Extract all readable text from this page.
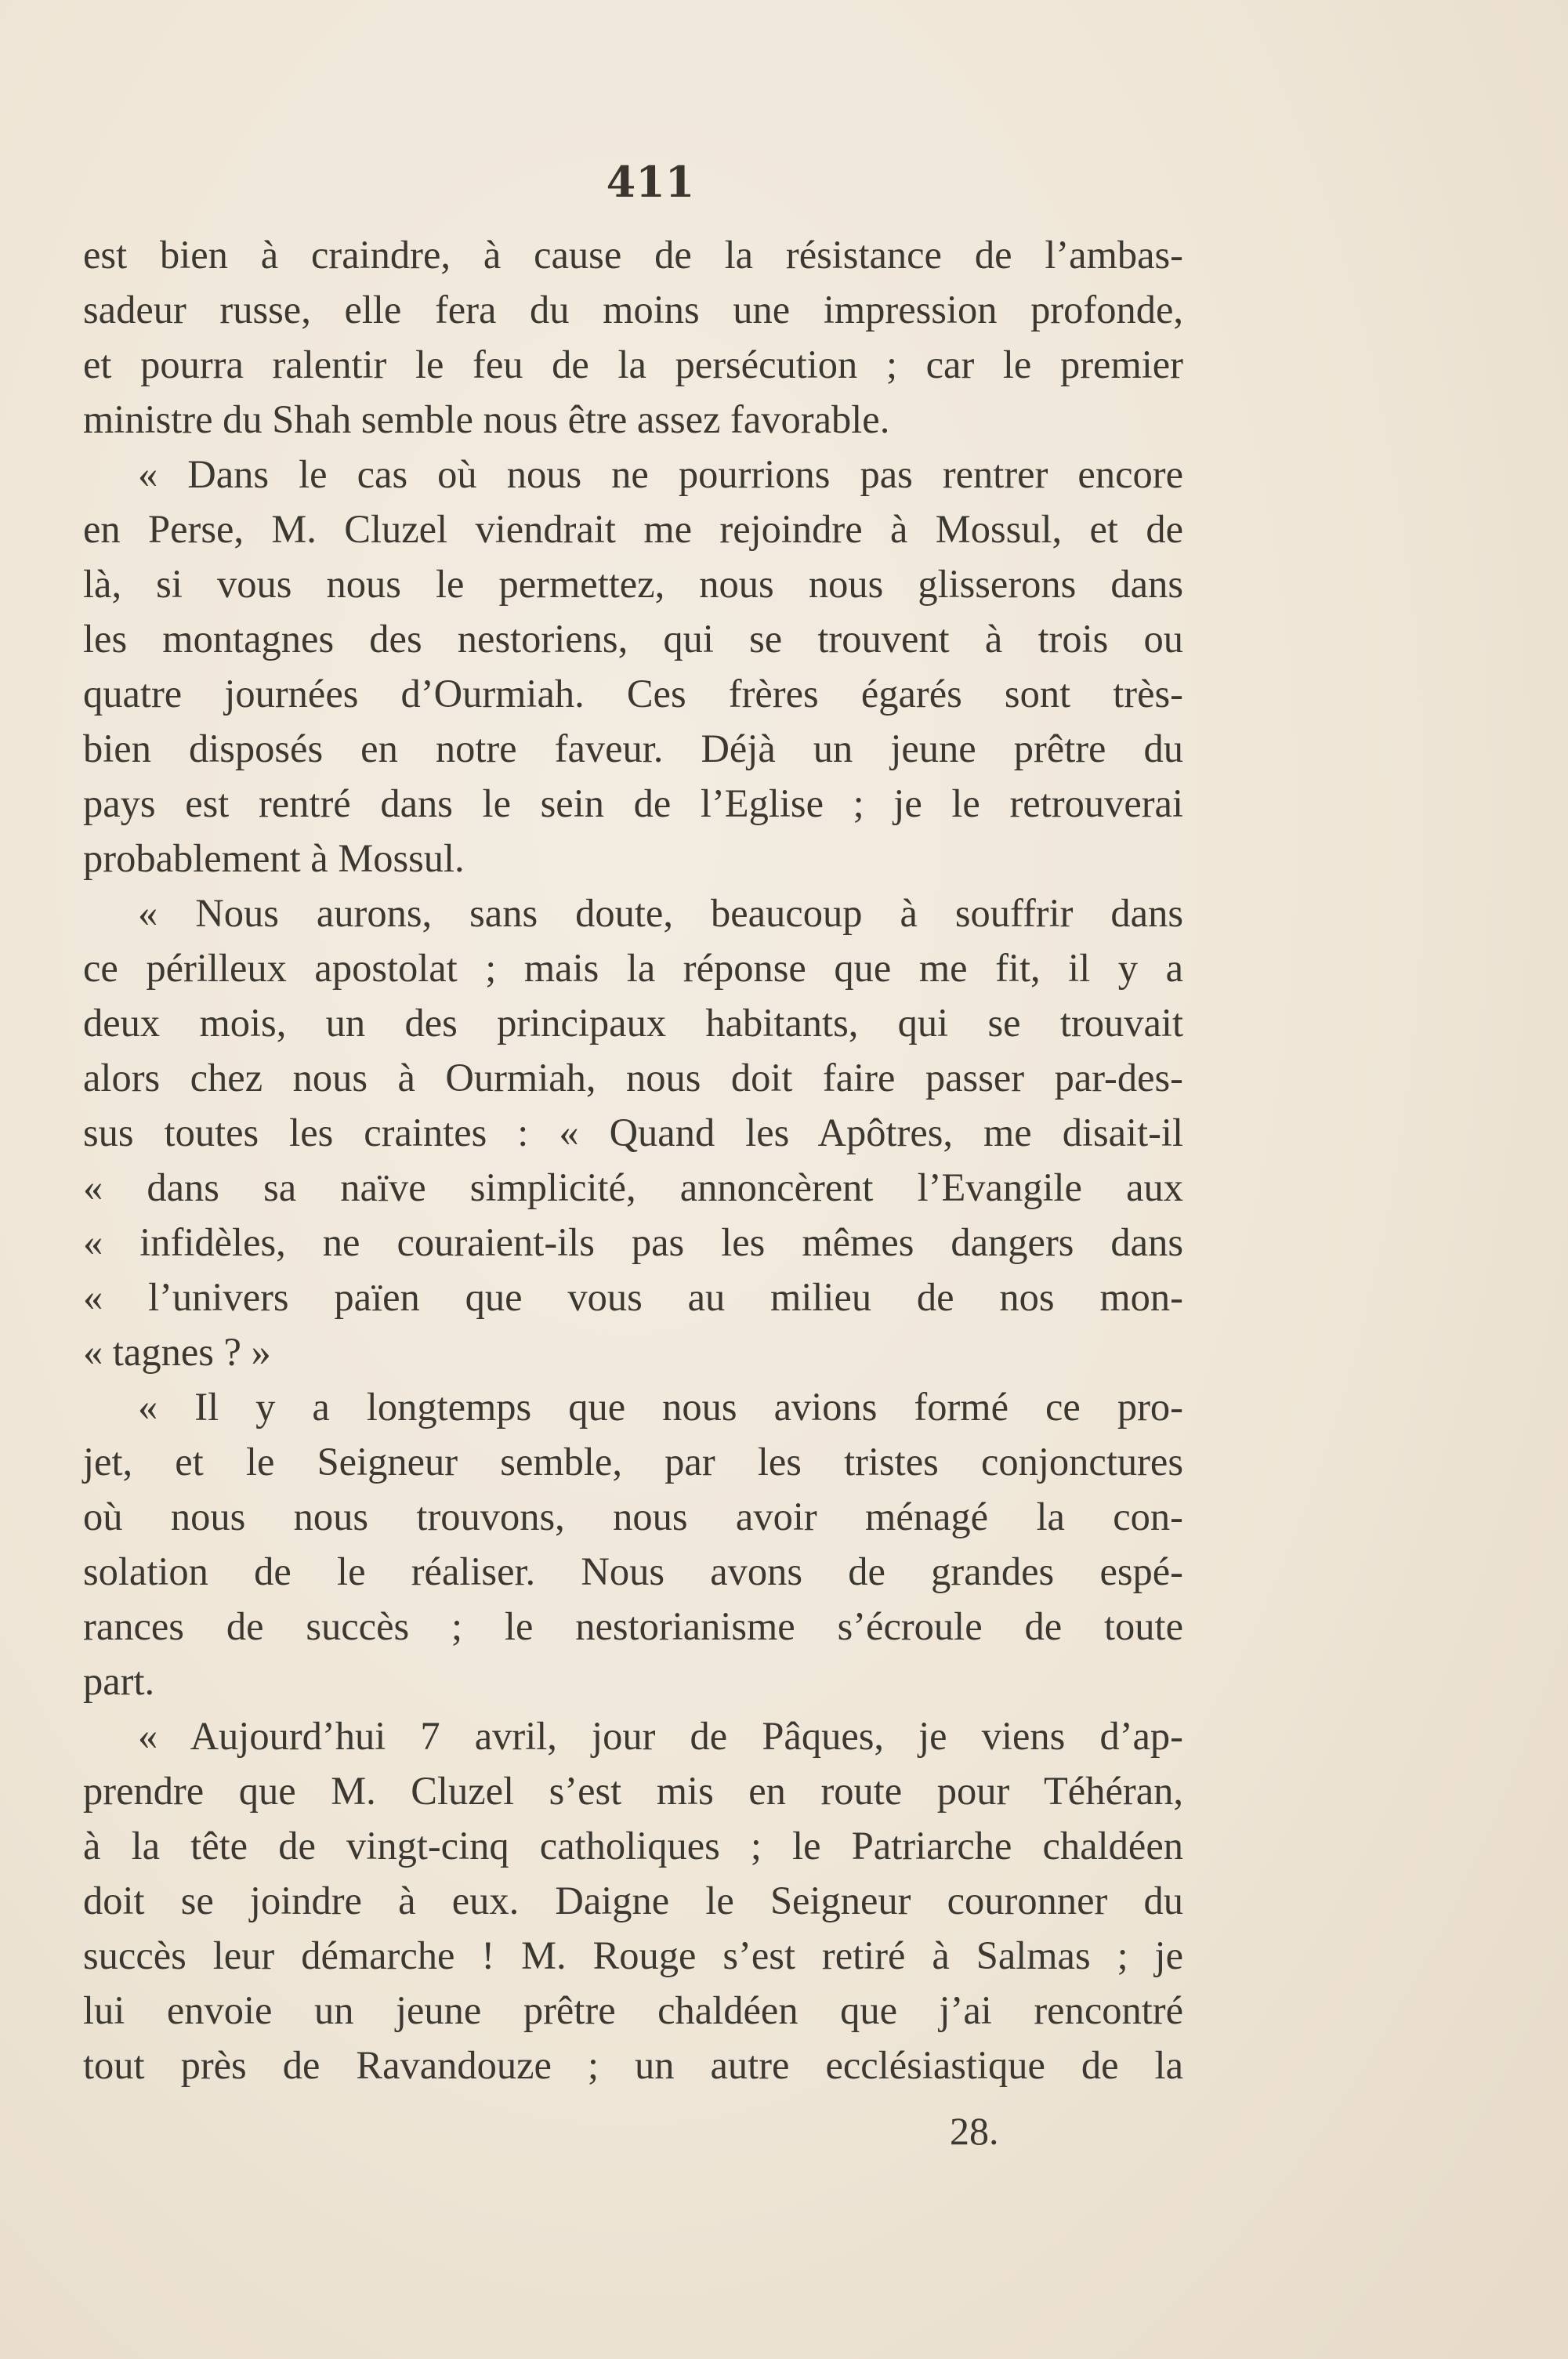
411
est bien à craindre, à cause de la résistance de l’ambas-
sadeur russe, elle fera du moins une impression profonde,
et pourra ralentir le feu de la persécution ; car le premier
ministre du Shah semble nous être assez favorable.
« Dans le cas où nous ne pourrions pas rentrer encore
en Perse, M. Cluzel viendrait me rejoindre à Mossul, et de
là, si vous nous le permettez, nous nous glisserons dans
les montagnes des nestoriens, qui se trouvent à trois ou
quatre journées d’Ourmiah. Ces frères égarés sont très-
bien disposés en notre faveur. Déjà un jeune prêtre du
pays est rentré dans le sein de l’Eglise ; je le retrouverai
probablement à Mossul.
« Nous aurons, sans doute, beaucoup à souffrir dans
ce périlleux apostolat ; mais la réponse que me fit, il y a
deux mois, un des principaux habitants, qui se trouvait
alors chez nous à Ourmiah, nous doit faire passer par-des-
sus toutes les craintes : « Quand les Apôtres, me disait-il
« dans sa naïve simplicité, annoncèrent l’Evangile aux
« infidèles, ne couraient-ils pas les mêmes dangers dans
« l’univers païen que vous au milieu de nos mon-
« tagnes ? »
« Il y a longtemps que nous avions formé ce pro-
jet, et le Seigneur semble, par les tristes conjonctures
où nous nous trouvons, nous avoir ménagé la con-
solation de le réaliser. Nous avons de grandes espé-
rances de succès ; le nestorianisme s’écroule de toute
part.
« Aujourd’hui 7 avril, jour de Pâques, je viens d’ap-
prendre que M. Cluzel s’est mis en route pour Téhéran,
à la tête de vingt-cinq catholiques ; le Patriarche chaldéen
doit se joindre à eux. Daigne le Seigneur couronner du
succès leur démarche ! M. Rouge s’est retiré à Salmas ; je
lui envoie un jeune prêtre chaldéen que j’ai rencontré
tout près de Ravandouze ; un autre ecclésiastique de la
28.
